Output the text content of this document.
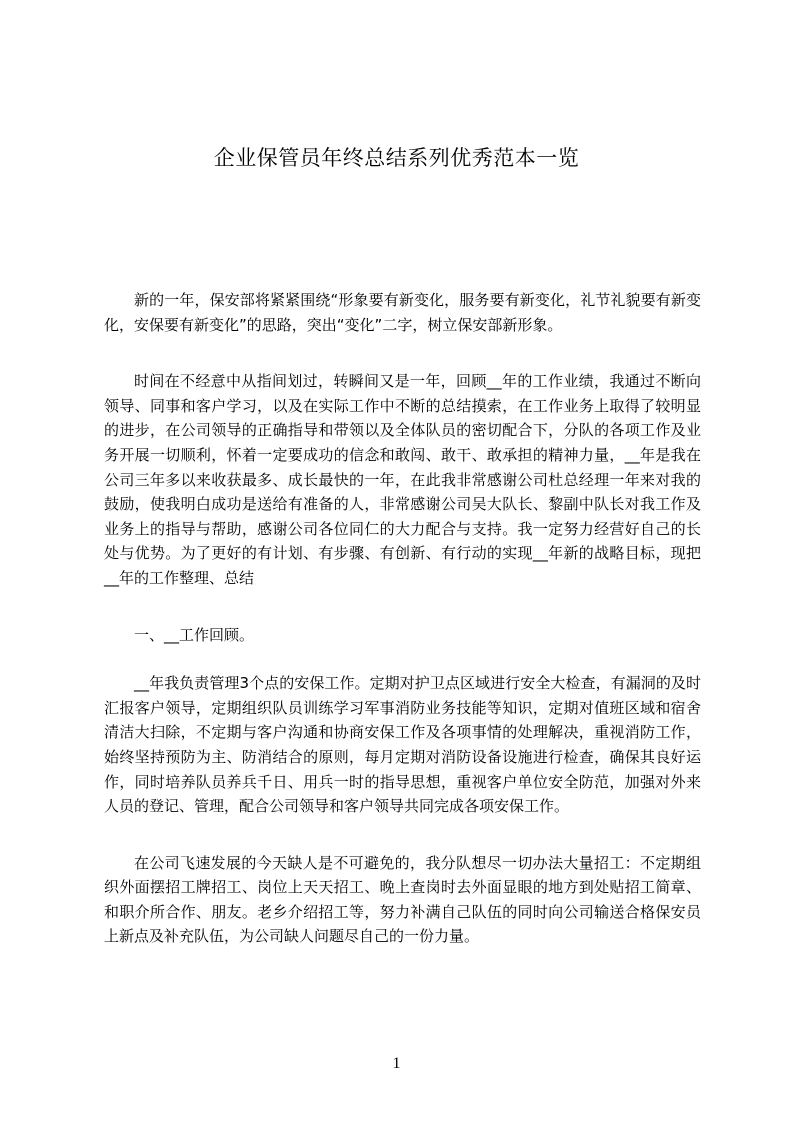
企业保管员年终总结系列优秀范本一览

新的一年，保安部将紧紧围绕“形象要有新变化，服务要有新变化，礼节礼貌要有新变化，安保要有新变化”的思路，突出“变化”二字，树立保安部新形象。

时间在不经意中从指间划过，转瞬间又是一年，回顾__年的工作业绩，我通过不断向领导、同事和客户学习，以及在实际工作中不断的总结摸索，在工作业务上取得了较明显的进步，在公司领导的正确指导和带领以及全体队员的密切配合下，分队的各项工作及业务开展一切顺利，怀着一定要成功的信念和敢闯、敢干、敢承担的精神力量，__年是我在公司三年多以来收获最多、成长最快的一年，在此我非常感谢公司杜总经理一年来对我的鼓励，使我明白成功是送给有准备的人，非常感谢公司吴大队长、黎副中队长对我工作及业务上的指导与帮助，感谢公司各位同仁的大力配合与支持。我一定努力经营好自己的长处与优势。为了更好的有计划、有步骤、有创新、有行动的实现__年新的战略目标，现把__年的工作整理、总结

一、__工作回顾。

__年我负责管理3个点的安保工作。定期对护卫点区域进行安全大检查，有漏洞的及时汇报客户领导，定期组织队员训练学习军事消防业务技能等知识，定期对值班区域和宿舍清洁大扫除，不定期与客户沟通和协商安保工作及各项事情的处理解决，重视消防工作，始终坚持预防为主、防消结合的原则，每月定期对消防设备设施进行检查，确保其良好运作，同时培养队员养兵千日、用兵一时的指导思想，重视客户单位安全防范，加强对外来人员的登记、管理，配合公司领导和客户领导共同完成各项安保工作。

在公司飞速发展的今天缺人是不可避免的，我分队想尽一切办法大量招工：不定期组织外面摆招工牌招工、岗位上天天招工、晚上查岗时去外面显眼的地方到处贴招工简章、和职介所合作、朋友。老乡介绍招工等，努力补满自己队伍的同时向公司输送合格保安员上新点及补充队伍，为公司缺人问题尽自己的一份力量。

1
